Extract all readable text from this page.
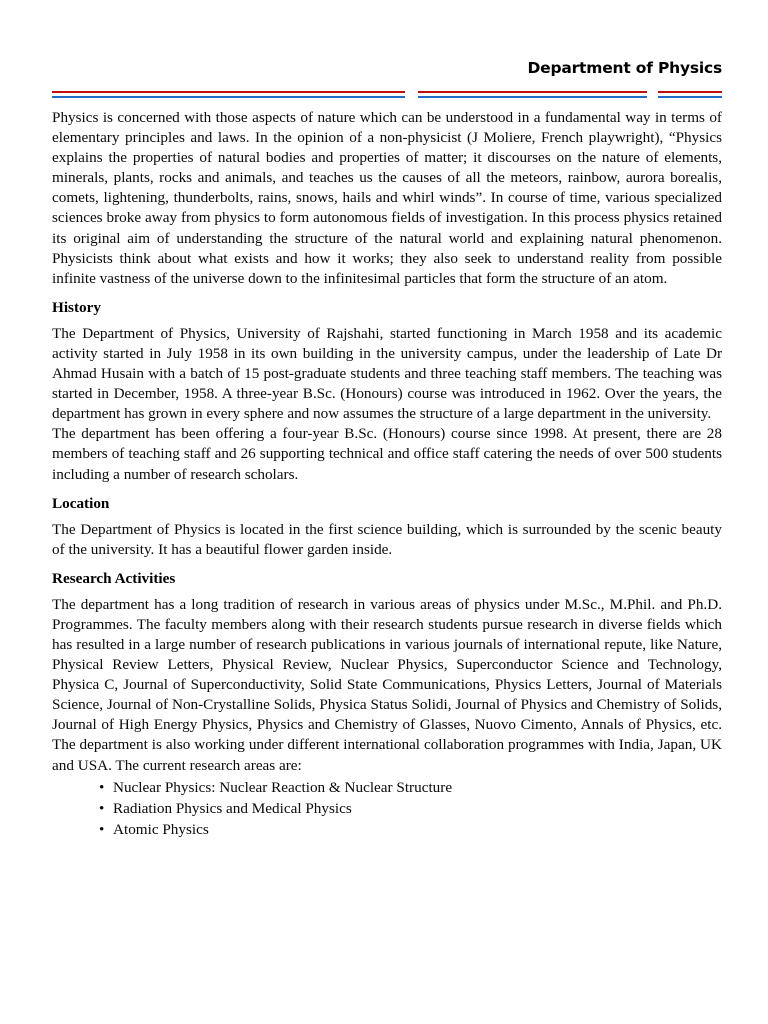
Department of Physics

Physics is concerned with those aspects of nature which can be understood in a fundamental way in terms of elementary principles and laws. In the opinion of a non-physicist (J Moliere, French playwright), “Physics explains the properties of natural bodies and properties of matter; it discourses on the nature of elements, minerals, plants, rocks and animals, and teaches us the causes of all the meteors, rainbow, aurora borealis, comets, lightening, thunderbolts, rains, snows, hails and whirl winds”. In course of time, various specialized sciences broke away from physics to form autonomous fields of investigation. In this process physics retained its original aim of understanding the structure of the natural world and explaining natural phenomenon. Physicists think about what exists and how it works; they also seek to understand reality from possible infinite vastness of the universe down to the infinitesimal particles that form the structure of an atom.

History

The Department of Physics, University of Rajshahi, started functioning in March 1958 and its academic activity started in July 1958 in its own building in the university campus, under the leadership of Late Dr Ahmad Husain with a batch of 15 post-graduate students and three teaching staff members. The teaching was started in December, 1958. A three-year B.Sc. (Honours) course was introduced in 1962. Over the years, the department has grown in every sphere and now assumes the structure of a large department in the university.

The department has been offering a four-year B.Sc. (Honours) course since 1998. At present, there are 28 members of teaching staff and 26 supporting technical and office staff catering the needs of over 500 students including a number of research scholars.

Location

The Department of Physics is located in the first science building, which is surrounded by the scenic beauty of the university. It has a beautiful flower garden inside.

Research Activities

The department has a long tradition of research in various areas of physics under M.Sc., M.Phil. and Ph.D. Programmes. The faculty members along with their research students pursue research in diverse fields which has resulted in a large number of research publications in various journals of international repute, like Nature, Physical Review Letters, Physical Review, Nuclear Physics, Superconductor Science and Technology, Physica C, Journal of Superconductivity, Solid State Communications, Physics Letters, Journal of Materials Science, Journal of Non-Crystalline Solids, Physica Status Solidi, Journal of Physics and Chemistry of Solids, Journal of High Energy Physics, Physics and Chemistry of Glasses, Nuovo Cimento, Annals of Physics, etc. The department is also working under different international collaboration programmes with India, Japan, UK and USA. The current research areas are:

• Nuclear Physics: Nuclear Reaction & Nuclear Structure
• Radiation Physics and Medical Physics
• Atomic Physics
